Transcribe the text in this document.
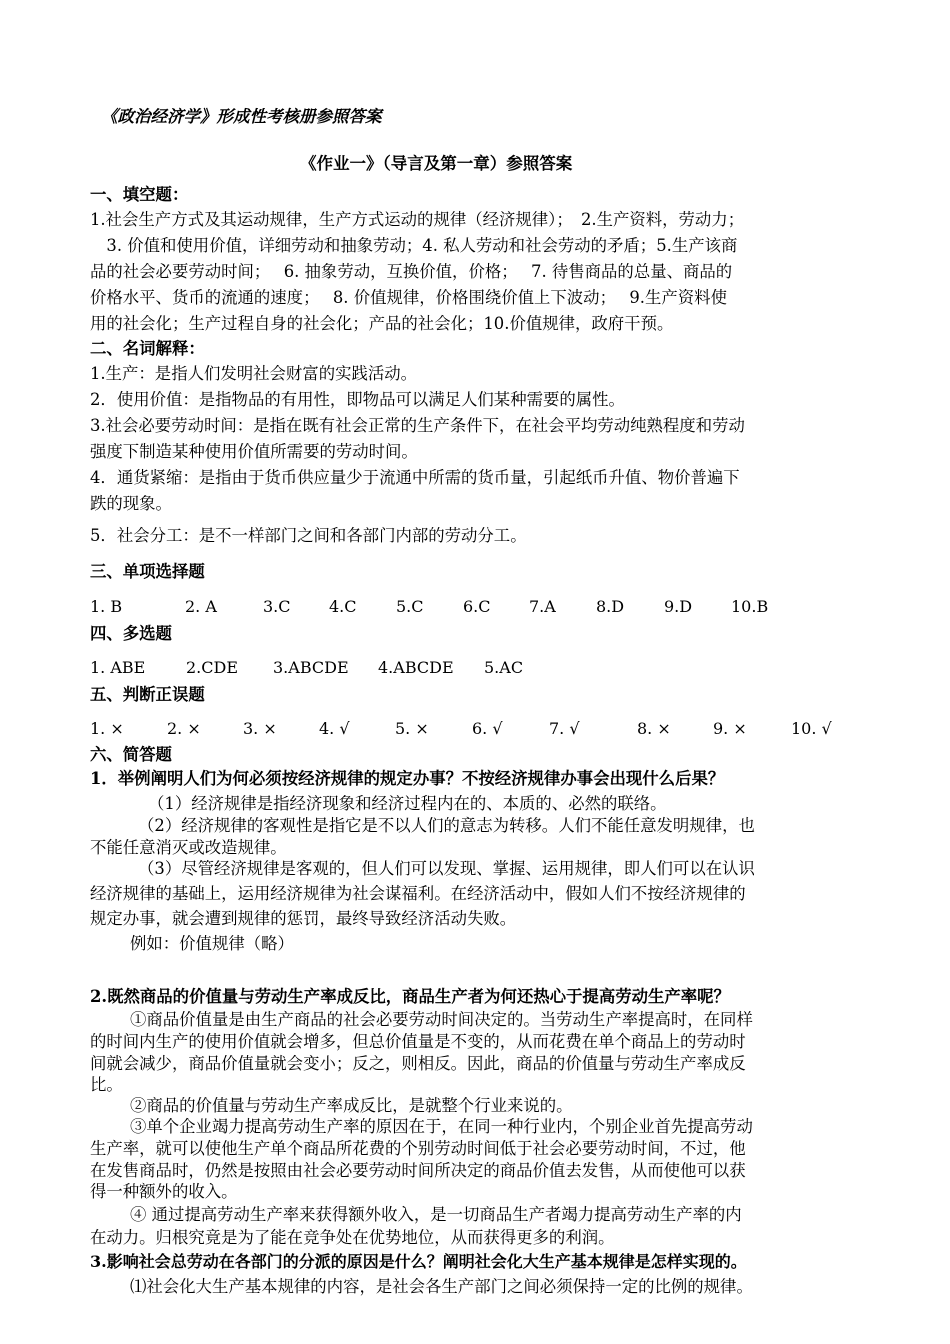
《政治经济学》形成性考核册参照答案
《作业一》（导言及第一章）参照答案
一、填空题：
1.社会生产方式及其运动规律，生产方式运动的规律（经济规律）；　2.生产资料，劳动力；
　3. 价值和使用价值，详细劳动和抽象劳动；4. 私人劳动和社会劳动的矛盾；5.生产该商
品的社会必要劳动时间；　 6. 抽象劳动，互换价值，价格；　 7. 待售商品的总量、商品的
价格水平、货币的流通的速度；　 8. 价值规律，价格围绕价值上下波动；　 9.生产资料使
用的社会化；生产过程自身的社会化；产品的社会化；10.价值规律，政府干预。
二、名词解释：
1.生产：是指人们发明社会财富的实践活动。
2．使用价值：是指物品的有用性，即物品可以满足人们某种需要的属性。
3.社会必要劳动时间：是指在既有社会正常的生产条件下，在社会平均劳动纯熟程度和劳动
强度下制造某种使用价值所需要的劳动时间。
4．通货紧缩：是指由于货币供应量少于流通中所需的货币量，引起纸币升值、物价普遍下
跌的现象。
5．社会分工：是不一样部门之间和各部门内部的劳动分工。
三、单项选择题
1. B	2. A	3.C	4.C	5.C	6.C	7.A	8.D	9.D	10.B
四、多选题
1. ABE	2.CDE	3.ABCDE	4.ABCDE	5.AC
五、判断正误题
1. ×	2. ×	3. ×	4. √	5. ×	6. √	7. √	8. ×	9. ×	10. √
六、简答题
1．举例阐明人们为何必须按经济规律的规定办事？不按经济规律办事会出现什么后果？
（1）经济规律是指经济现象和经济过程内在的、本质的、必然的联络。
（2）经济规律的客观性是指它是不以人们的意志为转移。人们不能任意发明规律，也
不能任意消灭或改造规律。
（3）尽管经济规律是客观的，但人们可以发现、掌握、运用规律，即人们可以在认识
经济规律的基础上，运用经济规律为社会谋福利。在经济活动中，假如人们不按经济规律的
规定办事，就会遭到规律的惩罚，最终导致经济活动失败。
例如：价值规律（略）
2.既然商品的价值量与劳动生产率成反比，商品生产者为何还热心于提高劳动生产率呢？
①商品价值量是由生产商品的社会必要劳动时间决定的。当劳动生产率提高时，在同样
的时间内生产的使用价值就会增多，但总价值量是不变的，从而花费在单个商品上的劳动时
间就会减少，商品价值量就会变小；反之，则相反。因此，商品的价值量与劳动生产率成反
比。
②商品的价值量与劳动生产率成反比，是就整个行业来说的。
③单个企业竭力提高劳动生产率的原因在于，在同一种行业内，个别企业首先提高劳动
生产率，就可以使他生产单个商品所花费的个别劳动时间低于社会必要劳动时间，不过，他
在发售商品时，仍然是按照由社会必要劳动时间所决定的商品价值去发售，从而使他可以获
得一种额外的收入。
④ 通过提高劳动生产率来获得额外收入，是一切商品生产者竭力提高劳动生产率的内
在动力。归根究竟是为了能在竞争处在优势地位，从而获得更多的利润。
3.影响社会总劳动在各部门的分派的原因是什么？阐明社会化大生产基本规律是怎样实现的。
⑴社会化大生产基本规律的内容，是社会各生产部门之间必须保持一定的比例的规律。
